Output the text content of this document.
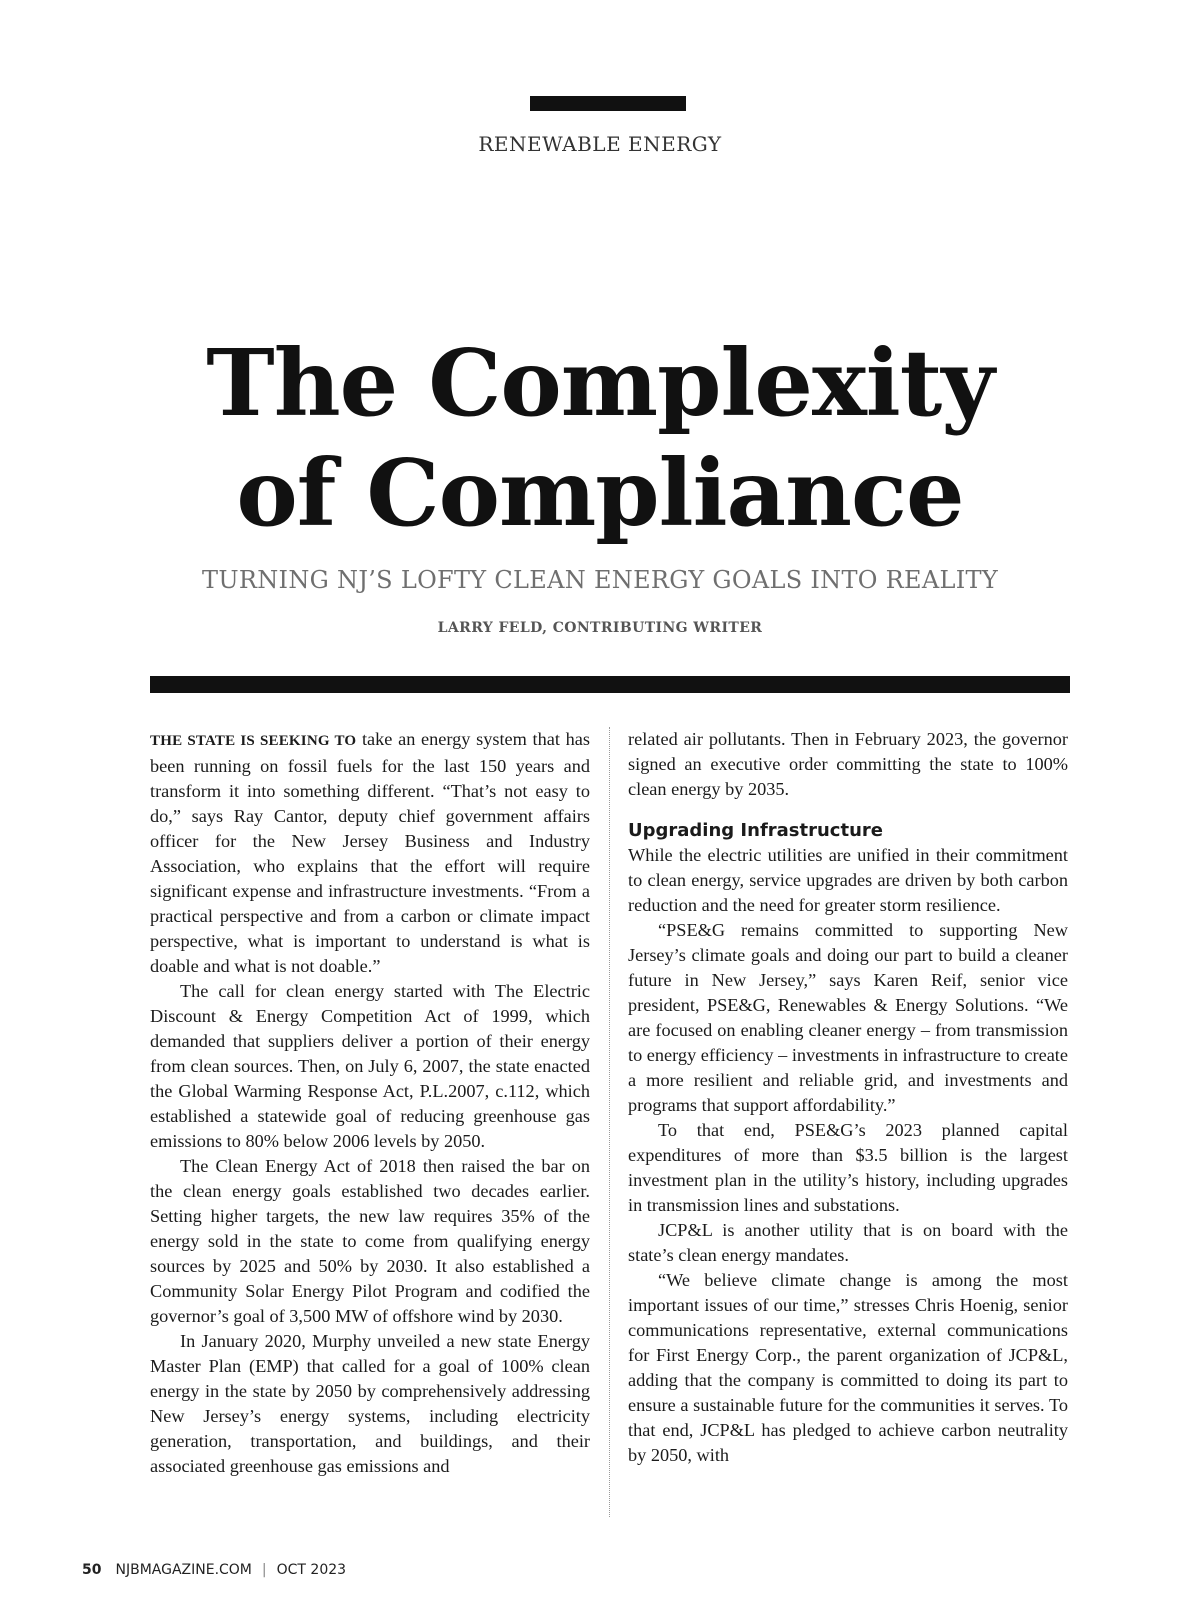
RENEWABLE ENERGY
The Complexity
of Compliance
TURNING NJ’S LOFTY CLEAN ENERGY GOALS INTO REALITY
LARRY FELD, CONTRIBUTING WRITER

THE STATE IS SEEKING TO take an energy system that has been running on fossil fuels for the last 150 years and transform it into something different. “That’s not easy to do,” says Ray Cantor, deputy chief government affairs officer for the New Jersey Business and Industry Association, who explains that the effort will require significant expense and infrastructure investments. “From a practical perspective and from a carbon or climate impact perspective, what is important to understand is what is doable and what is not doable.”

The call for clean energy started with The Electric Discount & Energy Competition Act of 1999, which demanded that suppliers deliver a portion of their energy from clean sources. Then, on July 6, 2007, the state enacted the Global Warming Response Act, P.L.2007, c.112, which established a statewide goal of reducing greenhouse gas emissions to 80% below 2006 levels by 2050.

The Clean Energy Act of 2018 then raised the bar on the clean energy goals established two decades earlier. Setting higher targets, the new law requires 35% of the energy sold in the state to come from qualifying energy sources by 2025 and 50% by 2030. It also established a Community Solar Energy Pilot Program and codified the governor’s goal of 3,500 MW of offshore wind by 2030.

In January 2020, Murphy unveiled a new state Energy Master Plan (EMP) that called for a goal of 100% clean energy in the state by 2050 by comprehensively addressing New Jersey’s energy systems, including electricity generation, transportation, and buildings, and their associated greenhouse gas emissions and

related air pollutants. Then in February 2023, the governor signed an executive order committing the state to 100% clean energy by 2035.

Upgrading Infrastructure

While the electric utilities are unified in their commitment to clean energy, service upgrades are driven by both carbon reduction and the need for greater storm resilience.

“PSE&G remains committed to supporting New Jersey’s climate goals and doing our part to build a cleaner future in New Jersey,” says Karen Reif, senior vice president, PSE&G, Renewables & Energy Solutions. “We are focused on enabling cleaner energy – from transmission to energy efficiency – investments in infrastructure to create a more resilient and reliable grid, and investments and programs that support affordability.”

To that end, PSE&G’s 2023 planned capital expenditures of more than $3.5 billion is the largest investment plan in the utility’s history, including upgrades in transmission lines and substations.

JCP&L is another utility that is on board with the state’s clean energy mandates.

“We believe climate change is among the most important issues of our time,” stresses Chris Hoenig, senior communications representative, external communications for First Energy Corp., the parent organization of JCP&L, adding that the company is committed to doing its part to ensure a sustainable future for the communities it serves. To that end, JCP&L has pledged to achieve carbon neutrality by 2050, with

50 NJBMAGAZINE.COM | OCT 2023
